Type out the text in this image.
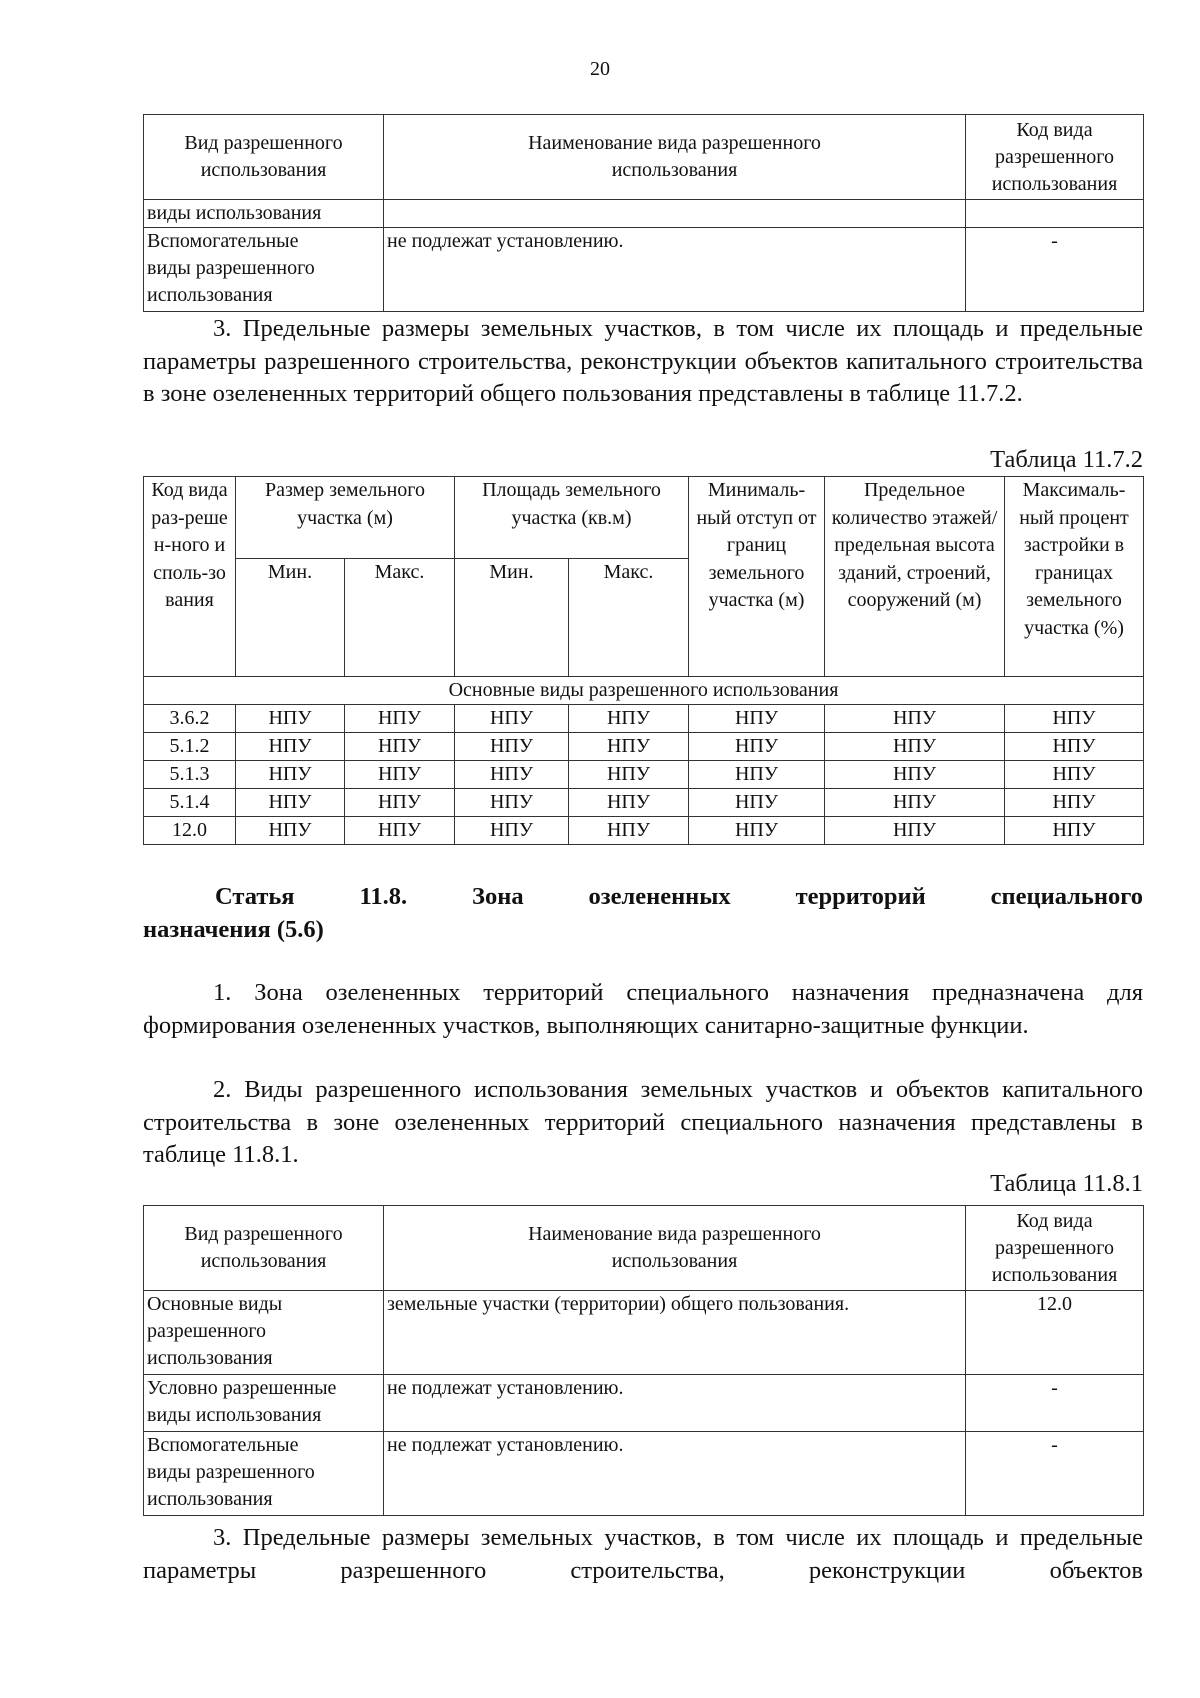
20
Вид разрешенного использования	Наименование вида разрешенного использования	Код вида разрешенного использования

виды использования		

Вспомогательные виды разрешенного использования	не подлежат установлению.	-
3. Предельные размеры земельных участков, в том числе их площадь и предельные параметры разрешенного строительства, реконструкции объектов капитального строительства в зоне озелененных территорий общего пользования представлены в таблице 11.7.2.
Таблица 11.7.2
Код вида раз-решен-ного исполь-зования	Размер земельного участка (м)		Площадь земельного участка (кв.м)		Минималь-ный отступ от границ земельного участка (м)	Предельное количество этажей/ предельная высота зданий, строений, сооружений (м)	Максималь-ный процент застройки в границах земельного участка (%)

	Мин.	Макс.	Мин.	Макс.			
Основные виды разрешенного использования							
3.6.2	НПУ	НПУ	НПУ	НПУ	НПУ	НПУ	НПУ
5.1.2	НПУ	НПУ	НПУ	НПУ	НПУ	НПУ	НПУ
5.1.3	НПУ	НПУ	НПУ	НПУ	НПУ	НПУ	НПУ
5.1.4	НПУ	НПУ	НПУ	НПУ	НПУ	НПУ	НПУ
12.0	НПУ	НПУ	НПУ	НПУ	НПУ	НПУ	НПУ
Статья 11.8. Зона озелененных территорий специального
назначения (5.6)
1. Зона озелененных территорий специального назначения предназначена для формирования озелененных участков, выполняющих санитарно-защитные функции.
2. Виды разрешенного использования земельных участков и объектов капитального строительства в зоне озелененных территорий специального назначения представлены в таблице 11.8.1.
Таблица 11.8.1
Вид разрешенного использования	Наименование вида разрешенного использования	Код вида разрешенного использования

Основные виды разрешенного использования	земельные участки (территории) общего пользования.	12.0
Условно разрешенные виды использования	не подлежат установлению.	-

Вспомогательные виды разрешенного использования	не подлежат установлению.	-
3. Предельные размеры земельных участков, в том числе их площадь и предельные параметры разрешенного строительства, реконструкции объектов
